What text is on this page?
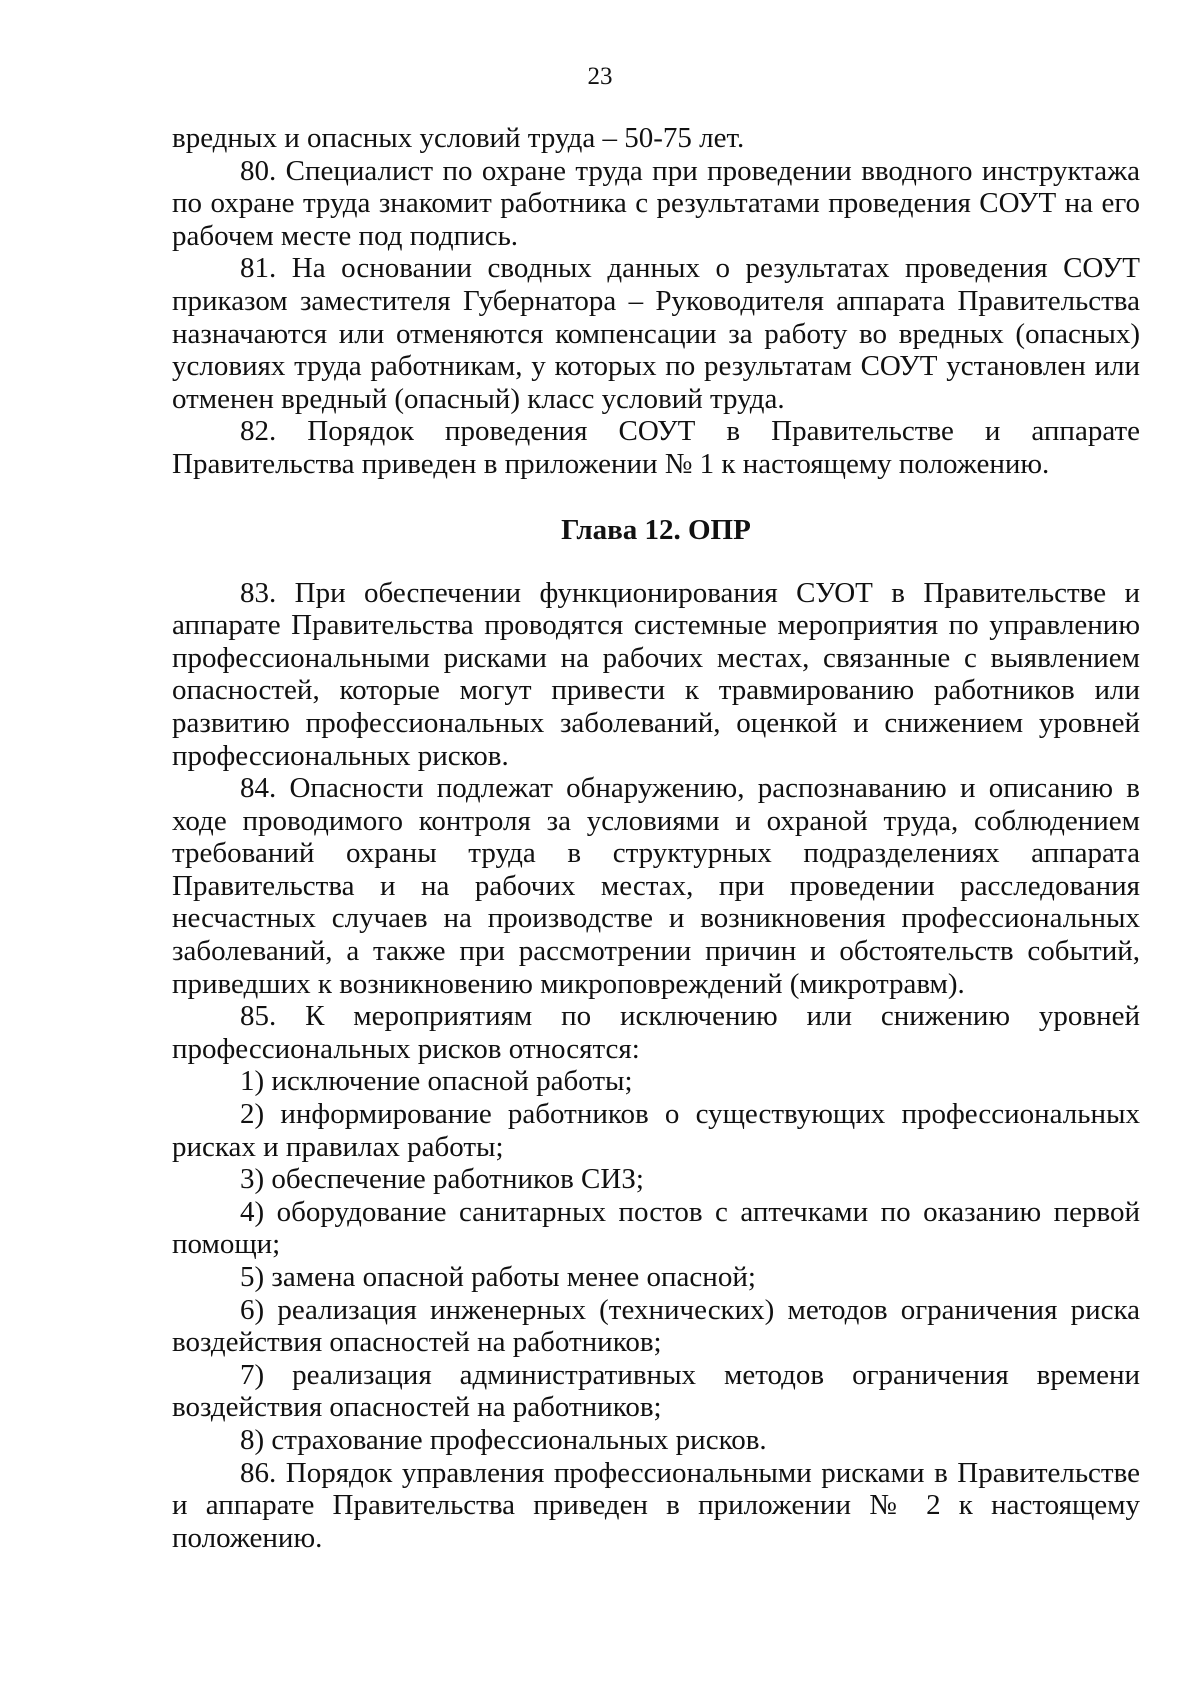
23

вредных и опасных условий труда – 50-75 лет.

80. Специалист по охране труда при проведении вводного инструктажа по охране труда знакомит работника с результатами проведения СОУТ на его рабочем месте под подпись.

81. На основании сводных данных о результатах проведения СОУТ приказом заместителя Губернатора – Руководителя аппарата Правительства назначаются или отменяются компенсации за работу во вредных (опасных) условиях труда работникам, у которых по результатам СОУТ установлен или отменен вредный (опасный) класс условий труда.

82. Порядок проведения СОУТ в Правительстве и аппарате Правительства приведен в приложении № 1 к настоящему положению.

Глава 12. ОПР

83. При обеспечении функционирования СУОТ в Правительстве и аппарате Правительства проводятся системные мероприятия по управлению профессиональными рисками на рабочих местах, связанные с выявлением опасностей, которые могут привести к травмированию работников или развитию профессиональных заболеваний, оценкой и снижением уровней профессиональных рисков.

84. Опасности подлежат обнаружению, распознаванию и описанию в ходе проводимого контроля за условиями и охраной труда, соблюдением требований охраны труда в структурных подразделениях аппарата Правительства и на рабочих местах, при проведении расследования несчастных случаев на производстве и возникновения профессиональных заболеваний, а также при рассмотрении причин и обстоятельств событий, приведших к возникновению микроповреждений (микротравм).

85. К мероприятиям по исключению или снижению уровней профессиональных рисков относятся:

1) исключение опасной работы;

2) информирование работников о существующих профессиональных рисках и правилах работы;

3) обеспечение работников СИЗ;

4) оборудование санитарных постов с аптечками по оказанию первой помощи;

5) замена опасной работы менее опасной;

6) реализация инженерных (технических) методов ограничения риска воздействия опасностей на работников;

7) реализация административных методов ограничения времени воздействия опасностей на работников;

8) страхование профессиональных рисков.

86. Порядок управления профессиональными рисками в Правительстве и аппарате Правительства приведен в приложении № 2 к настоящему положению.
